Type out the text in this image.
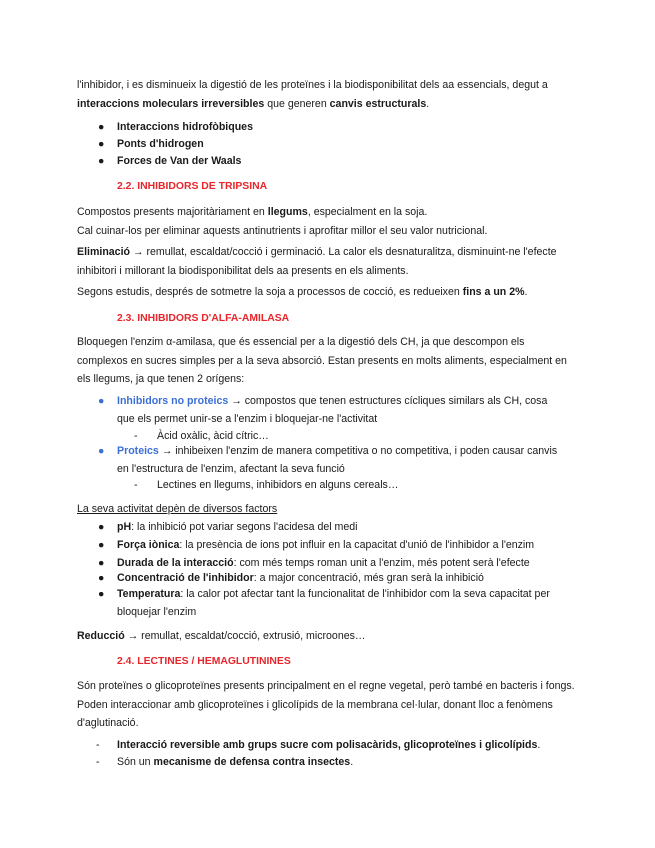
l'inhibidor, i es disminueix la digestió de les proteïnes i la biodisponibilitat dels aa essencials, degut a interaccions moleculars irreversibles que generen canvis estructurals.

● Interaccions hidrofòbiques

● Ponts d'hidrogen

● Forces de Van der Waals

2.2. INHIBIDORS DE TRIPSINA

Compostos presents majoritàriament en llegums, especialment en la soja.
Cal cuinar-los per eliminar aquests antinutrients i aprofitar millor el seu valor nutricional.

Eliminació → remullat, escaldat/cocció i germinació. La calor els desnaturalitza, disminuint-ne l'efecte inhibitori i millorant la biodisponibilitat dels aa presents en els aliments.

Segons estudis, després de sotmetre la soja a processos de cocció, es redueixen fins a un 2%.

2.3. INHIBIDORS D'ALFA-AMILASA

Bloquegen l'enzim α-amilasa, que és essencial per a la digestió dels CH, ja que descompon els complexos en sucres simples per a la seva absorció. Estan presents en molts aliments, especialment en els llegums, ja que tenen 2 orígens:

● Inhibidors no proteics → compostos que tenen estructures cícliques similars als CH, cosa que els permet unir-se a l'enzim i bloquejar-ne l'activitat

- Àcid oxàlic, àcid cítric…

● Proteics → inhibeixen l'enzim de manera competitiva o no competitiva, i poden causar canvis en l'estructura de l'enzim, afectant la seva funció

- Lectines en llegums, inhibidors en alguns cereals…

La seva activitat depèn de diversos factors

● pH: la inhibició pot variar segons l'acidesa del medi

● Força iònica: la presència de ions pot influir en la capacitat d'unió de l'inhibidor a l'enzim

● Durada de la interacció: com més temps roman unit a l'enzim, més potent serà l'efecte

● Concentració de l'inhibidor: a major concentració, més gran serà la inhibició

● Temperatura: la calor pot afectar tant la funcionalitat de l'inhibidor com la seva capacitat per bloquejar l'enzim

Reducció → remullat, escaldat/cocció, extrusió, microones…

2.4. LECTINES / HEMAGLUTININES

Són proteïnes o glicoproteïnes presents principalment en el regne vegetal, però també en bacteris i fongs. Poden interaccionar amb glicoproteïnes i glicolípids de la membrana cel·lular, donant lloc a fenòmens d'aglutinació.

- Interacció reversible amb grups sucre com polisacàrids, glicoproteïnes i glicolípids.

- Són un mecanisme de defensa contra insectes.
